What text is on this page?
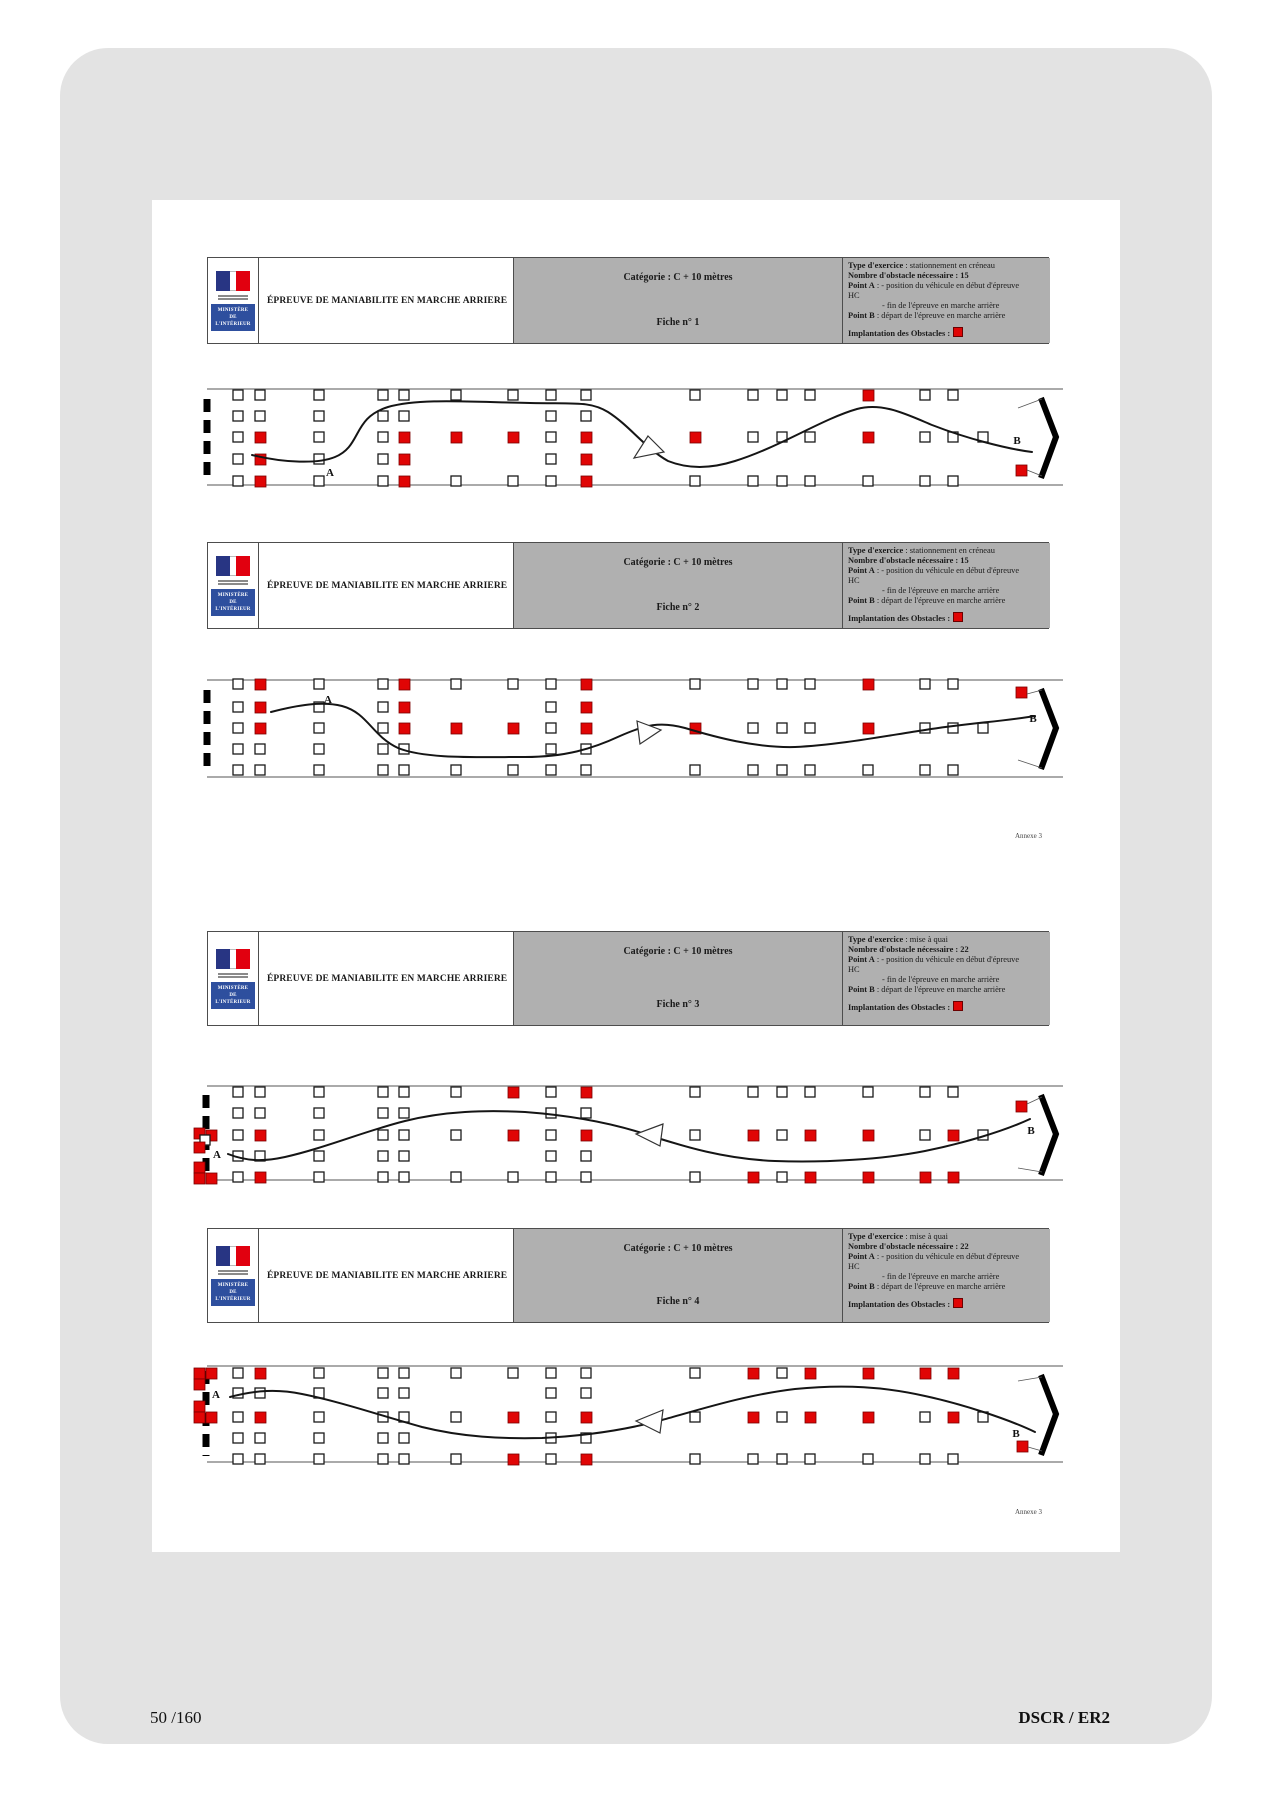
MINISTÈRE
DE
L'INTÉRIEUR
ÉPREUVE DE MANIABILITE EN MARCHE ARRIERE
Catégorie : C + 10 mètres
Fiche n° 1
Type d'exercice : stationnement en créneau
Nombre d'obstacle nécessaire : 15
Point A : - position du véhicule en début d'épreuve
HC
- fin de l'épreuve en marche arrière
Point B : départ de l'épreuve en marche arrière
Implantation des Obstacles :
A
B
MINISTÈRE
DE
L'INTÉRIEUR
ÉPREUVE DE MANIABILITE EN MARCHE ARRIERE
Catégorie : C + 10 mètres
Fiche n° 2
Type d'exercice : stationnement en créneau
Nombre d'obstacle nécessaire : 15
Point A : - position du véhicule en début d'épreuve
HC
- fin de l'épreuve en marche arrière
Point B : départ de l'épreuve en marche arrière
Implantation des Obstacles :
A
B
Annexe 3
MINISTÈRE
DE
L'INTÉRIEUR
ÉPREUVE DE MANIABILITE EN MARCHE ARRIERE
Catégorie : C + 10 mètres
Fiche n° 3
Type d'exercice : mise à quai
Nombre d'obstacle nécessaire : 22
Point A : - position du véhicule en début d'épreuve
HC
- fin de l'épreuve en marche arrière
Point B : départ de l'épreuve en marche arrière
Implantation des Obstacles :
A
B
MINISTÈRE
DE
L'INTÉRIEUR
ÉPREUVE DE MANIABILITE EN MARCHE ARRIERE
Catégorie : C + 10 mètres
Fiche n° 4
Type d'exercice : mise à quai
Nombre d'obstacle nécessaire : 22
Point A : - position du véhicule en début d'épreuve
HC
- fin de l'épreuve en marche arrière
Point B : départ de l'épreuve en marche arrière
Implantation des Obstacles :
A
B
Annexe 3
50 /160	DSCR / ER2
